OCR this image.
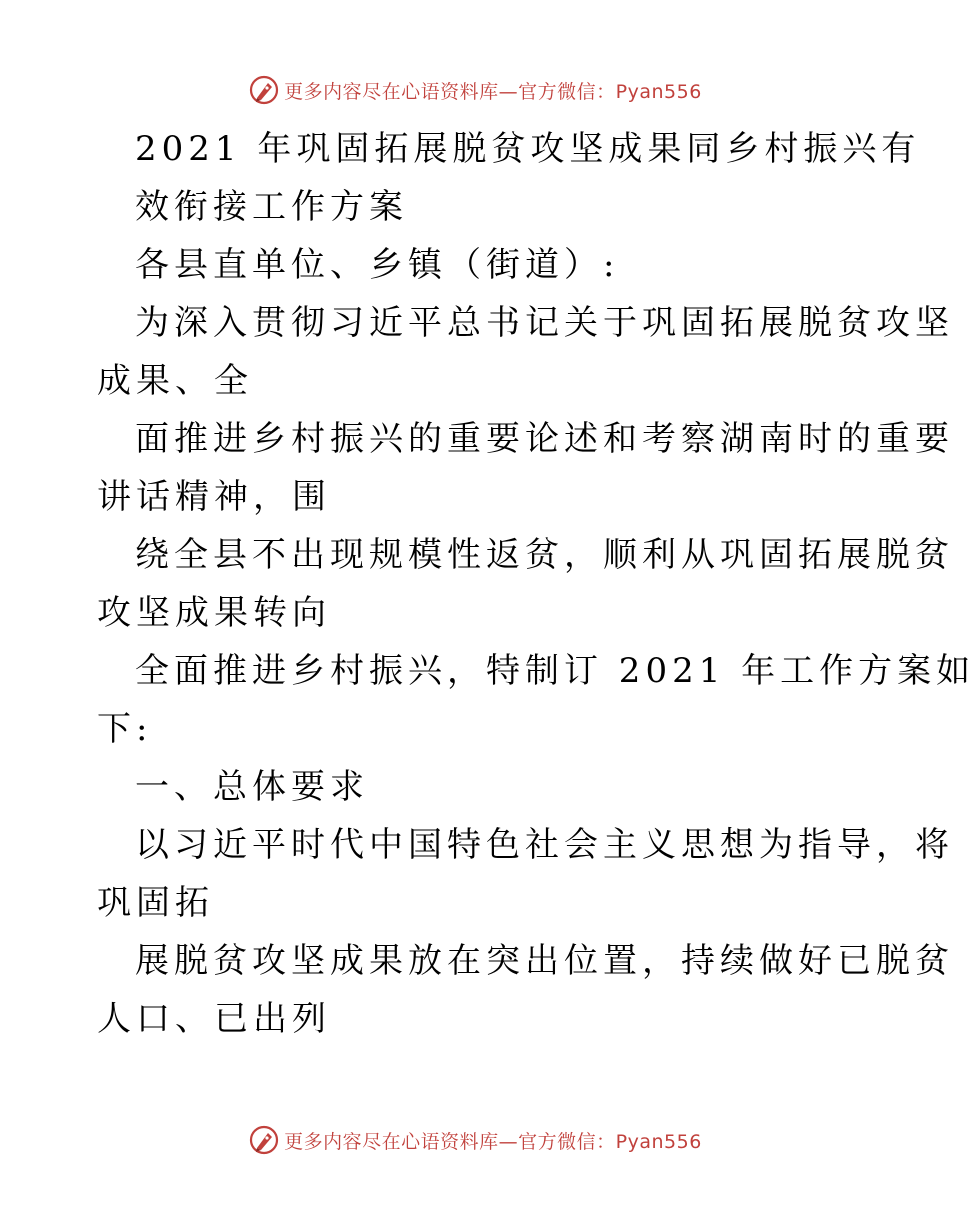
更多内容尽在心语资料库—官方微信：Pyan556
2021 年巩固拓展脱贫攻坚成果同乡村振兴有
效衔接工作方案
各县直单位、乡镇（街道）:
为深入贯彻习近平总书记关于巩固拓展脱贫攻坚
成果、全
面推进乡村振兴的重要论述和考察湖南时的重要
讲话精神，围
绕全县不出现规模性返贫，顺利从巩固拓展脱贫
攻坚成果转向
全面推进乡村振兴，特制订 2021 年工作方案如
下:
一、总体要求
以习近平时代中国特色社会主义思想为指导，将
巩固拓
展脱贫攻坚成果放在突出位置，持续做好已脱贫
人口、已出列
更多内容尽在心语资料库—官方微信：Pyan556
